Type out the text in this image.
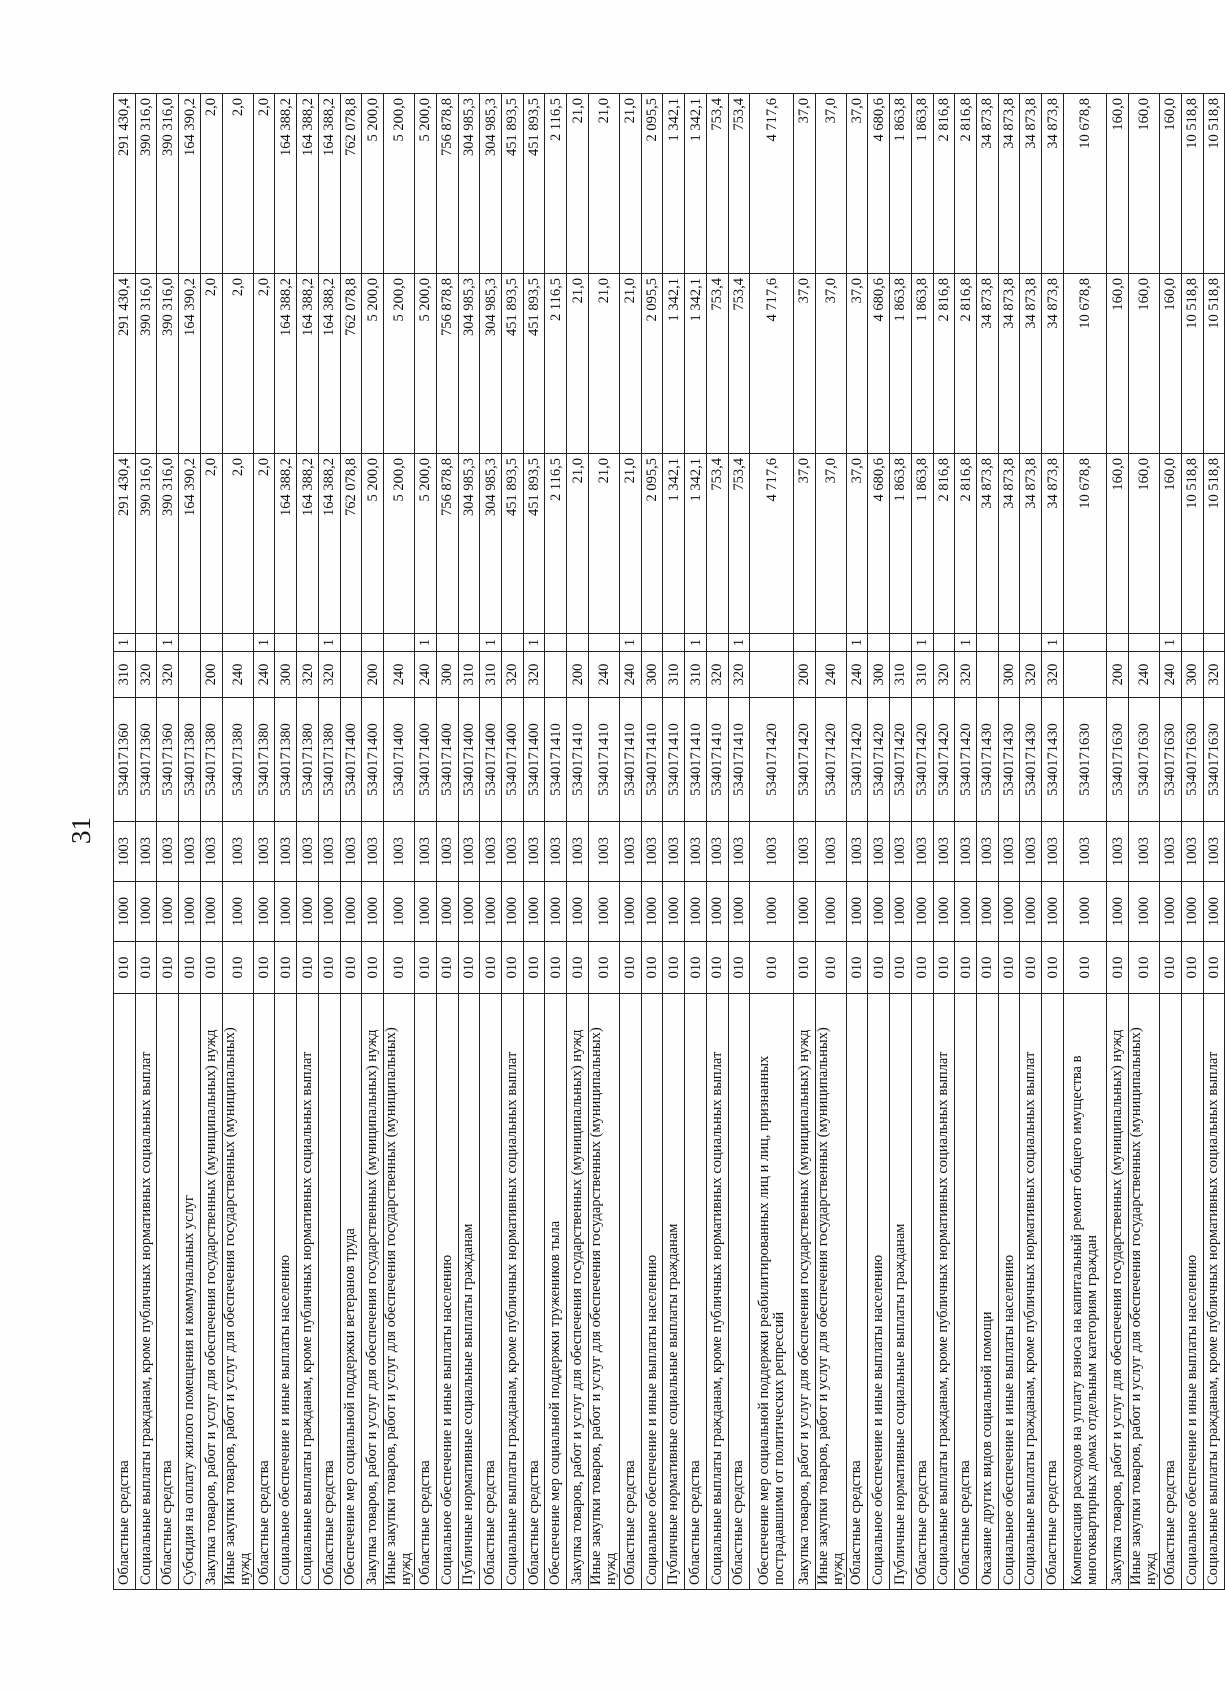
31
Областные средства	010	1000	1003	5340171360	310	1	291 430,4	291 430,4	291 430,4
Социальные выплаты гражданам, кроме публичных нормативных социальных выплат	010	1000	1003	5340171360	320		390 316,0	390 316,0	390 316,0
Областные средства	010	1000	1003	5340171360	320	1	390 316,0	390 316,0	390 316,0
Субсидия на оплату жилого помещения и коммунальных услуг	010	1000	1003	5340171380			164 390,2	164 390,2	164 390,2
Закупка товаров, работ и услуг для обеспечения государственных (муниципальных) нужд	010	1000	1003	5340171380	200		2,0	2,0	2,0
Иные закупки товаров, работ и услуг для обеспечения государственных (муниципальных) нужд	010	1000	1003	5340171380	240		2,0	2,0	2,0
Областные средства	010	1000	1003	5340171380	240	1	2,0	2,0	2,0
Социальное обеспечение и иные выплаты населению	010	1000	1003	5340171380	300		164 388,2	164 388,2	164 388,2
Социальные выплаты гражданам, кроме публичных нормативных социальных выплат	010	1000	1003	5340171380	320		164 388,2	164 388,2	164 388,2
Областные средства	010	1000	1003	5340171380	320	1	164 388,2	164 388,2	164 388,2
Обеспечение мер социальной поддержки ветеранов труда	010	1000	1003	5340171400			762 078,8	762 078,8	762 078,8
Закупка товаров, работ и услуг для обеспечения государственных (муниципальных) нужд	010	1000	1003	5340171400	200		5 200,0	5 200,0	5 200,0
Иные закупки товаров, работ и услуг для обеспечения государственных (муниципальных) нужд	010	1000	1003	5340171400	240		5 200,0	5 200,0	5 200,0
Областные средства	010	1000	1003	5340171400	240	1	5 200,0	5 200,0	5 200,0
Социальное обеспечение и иные выплаты населению	010	1000	1003	5340171400	300		756 878,8	756 878,8	756 878,8
Публичные нормативные социальные выплаты гражданам	010	1000	1003	5340171400	310		304 985,3	304 985,3	304 985,3
Областные средства	010	1000	1003	5340171400	310	1	304 985,3	304 985,3	304 985,3
Социальные выплаты гражданам, кроме публичных нормативных социальных выплат	010	1000	1003	5340171400	320		451 893,5	451 893,5	451 893,5
Областные средства	010	1000	1003	5340171400	320	1	451 893,5	451 893,5	451 893,5
Обеспечение мер социальной поддержки тружеников тыла	010	1000	1003	5340171410			2 116,5	2 116,5	2 116,5
Закупка товаров, работ и услуг для обеспечения государственных (муниципальных) нужд	010	1000	1003	5340171410	200		21,0	21,0	21,0
Иные закупки товаров, работ и услуг для обеспечения государственных (муниципальных) нужд	010	1000	1003	5340171410	240		21,0	21,0	21,0
Областные средства	010	1000	1003	5340171410	240	1	21,0	21,0	21,0
Социальное обеспечение и иные выплаты населению	010	1000	1003	5340171410	300		2 095,5	2 095,5	2 095,5
Публичные нормативные социальные выплаты гражданам	010	1000	1003	5340171410	310		1 342,1	1 342,1	1 342,1
Областные средства	010	1000	1003	5340171410	310	1	1 342,1	1 342,1	1 342,1
Социальные выплаты гражданам, кроме публичных нормативных социальных выплат	010	1000	1003	5340171410	320		753,4	753,4	753,4
Областные средства	010	1000	1003	5340171410	320	1	753,4	753,4	753,4
Обеспечение мер социальной поддержки реабилитированных лиц и лиц, признанных пострадавшими от политических репрессий	010	1000	1003	5340171420			4 717,6	4 717,6	4 717,6
Закупка товаров, работ и услуг для обеспечения государственных (муниципальных) нужд	010	1000	1003	5340171420	200		37,0	37,0	37,0
Иные закупки товаров, работ и услуг для обеспечения государственных (муниципальных) нужд	010	1000	1003	5340171420	240		37,0	37,0	37,0
Областные средства	010	1000	1003	5340171420	240	1	37,0	37,0	37,0
Социальное обеспечение и иные выплаты населению	010	1000	1003	5340171420	300		4 680,6	4 680,6	4 680,6
Публичные нормативные социальные выплаты гражданам	010	1000	1003	5340171420	310		1 863,8	1 863,8	1 863,8
Областные средства	010	1000	1003	5340171420	310	1	1 863,8	1 863,8	1 863,8
Социальные выплаты гражданам, кроме публичных нормативных социальных выплат	010	1000	1003	5340171420	320		2 816,8	2 816,8	2 816,8
Областные средства	010	1000	1003	5340171420	320	1	2 816,8	2 816,8	2 816,8
Оказание других видов социальной помощи	010	1000	1003	5340171430			34 873,8	34 873,8	34 873,8
Социальное обеспечение и иные выплаты населению	010	1000	1003	5340171430	300		34 873,8	34 873,8	34 873,8
Социальные выплаты гражданам, кроме публичных нормативных социальных выплат	010	1000	1003	5340171430	320		34 873,8	34 873,8	34 873,8
Областные средства	010	1000	1003	5340171430	320	1	34 873,8	34 873,8	34 873,8
Компенсация расходов на уплату взноса на капитальный ремонт общего имущества в многоквартирных домах отдельным категориям граждан	010	1000	1003	5340171630			10 678,8	10 678,8	10 678,8
Закупка товаров, работ и услуг для обеспечения государственных (муниципальных) нужд	010	1000	1003	5340171630	200		160,0	160,0	160,0
Иные закупки товаров, работ и услуг для обеспечения государственных (муниципальных) нужд	010	1000	1003	5340171630	240		160,0	160,0	160,0
Областные средства	010	1000	1003	5340171630	240	1	160,0	160,0	160,0
Социальное обеспечение и иные выплаты населению	010	1000	1003	5340171630	300		10 518,8	10 518,8	10 518,8
Социальные выплаты гражданам, кроме публичных нормативных социальных выплат	010	1000	1003	5340171630	320		10 518,8	10 518,8	10 518,8
